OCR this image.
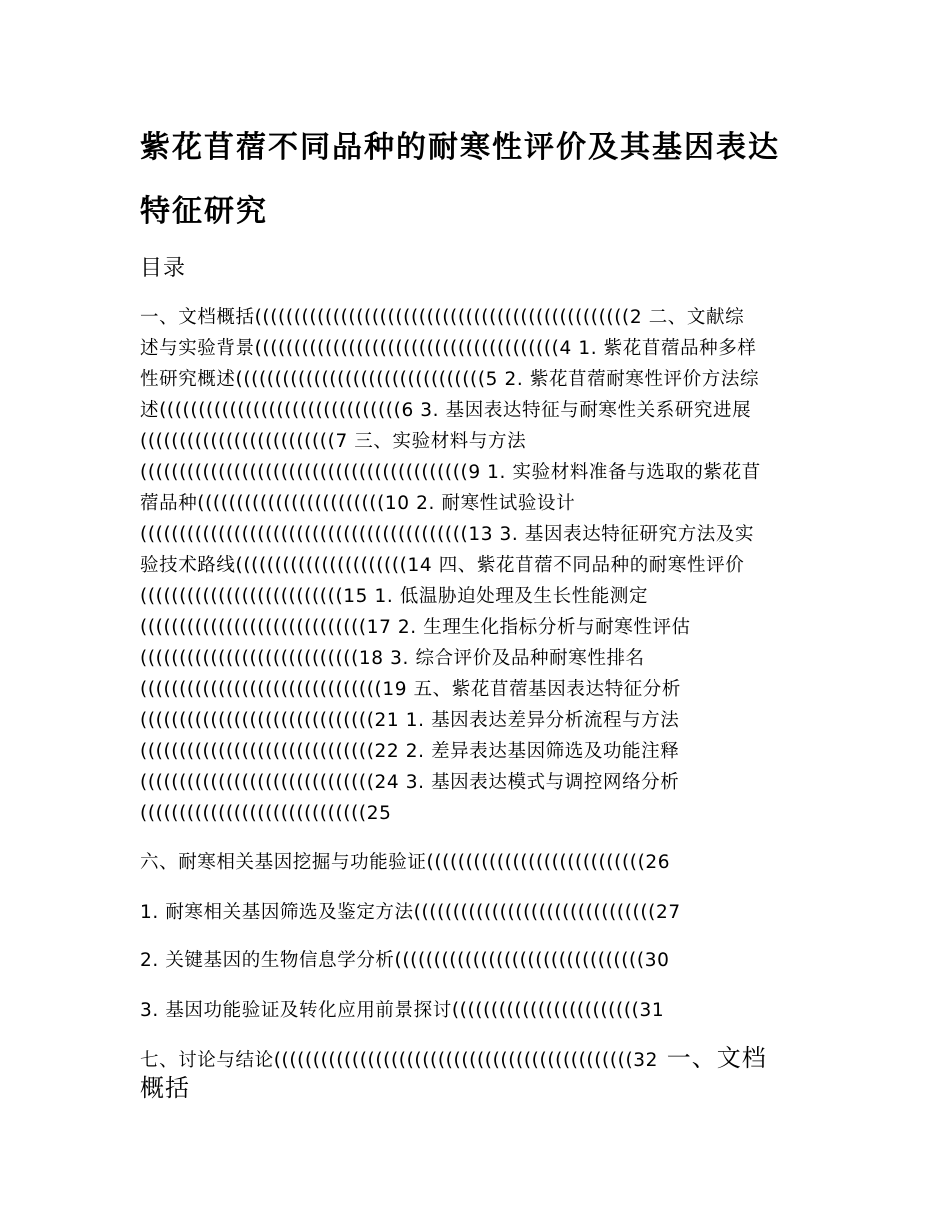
紫花苜蓿不同品种的耐寒性评价及其基因表达
特征研究
目录
一、文档概括((((((((((((((((((((((((((((((((((((((((((((((((2 二、文献综
述与实验背景(((((((((((((((((((((((((((((((((((((((4 1. 紫花苜蓿品种多样
性研究概述((((((((((((((((((((((((((((((((5 2. 紫花苜蓿耐寒性评价方法综
述(((((((((((((((((((((((((((((((6 3. 基因表达特征与耐寒性关系研究进展
(((((((((((((((((((((((((7 三、实验材料与方法
((((((((((((((((((((((((((((((((((((((((((9 1. 实验材料准备与选取的紫花苜
蓿品种((((((((((((((((((((((((10 2. 耐寒性试验设计
((((((((((((((((((((((((((((((((((((((((((13 3. 基因表达特征研究方法及实
验技术路线((((((((((((((((((((((14 四、紫花苜蓿不同品种的耐寒性评价
((((((((((((((((((((((((((15 1. 低温胁迫处理及生长性能测定
(((((((((((((((((((((((((((((17 2. 生理生化指标分析与耐寒性评估
((((((((((((((((((((((((((((18 3. 综合评价及品种耐寒性排名
(((((((((((((((((((((((((((((((19 五、紫花苜蓿基因表达特征分析
((((((((((((((((((((((((((((((21 1. 基因表达差异分析流程与方法
((((((((((((((((((((((((((((((22 2. 差异表达基因筛选及功能注释
((((((((((((((((((((((((((((((24 3. 基因表达模式与调控网络分析
(((((((((((((((((((((((((((((25
六、耐寒相关基因挖掘与功能验证((((((((((((((((((((((((((((26
1. 耐寒相关基因筛选及鉴定方法(((((((((((((((((((((((((((((((27
2. 关键基因的生物信息学分析((((((((((((((((((((((((((((((((30
3. 基因功能验证及转化应用前景探讨((((((((((((((((((((((((31
七、讨论与结论((((((((((((((((((((((((((((((((((((((((((((((32 一、文档
概括
